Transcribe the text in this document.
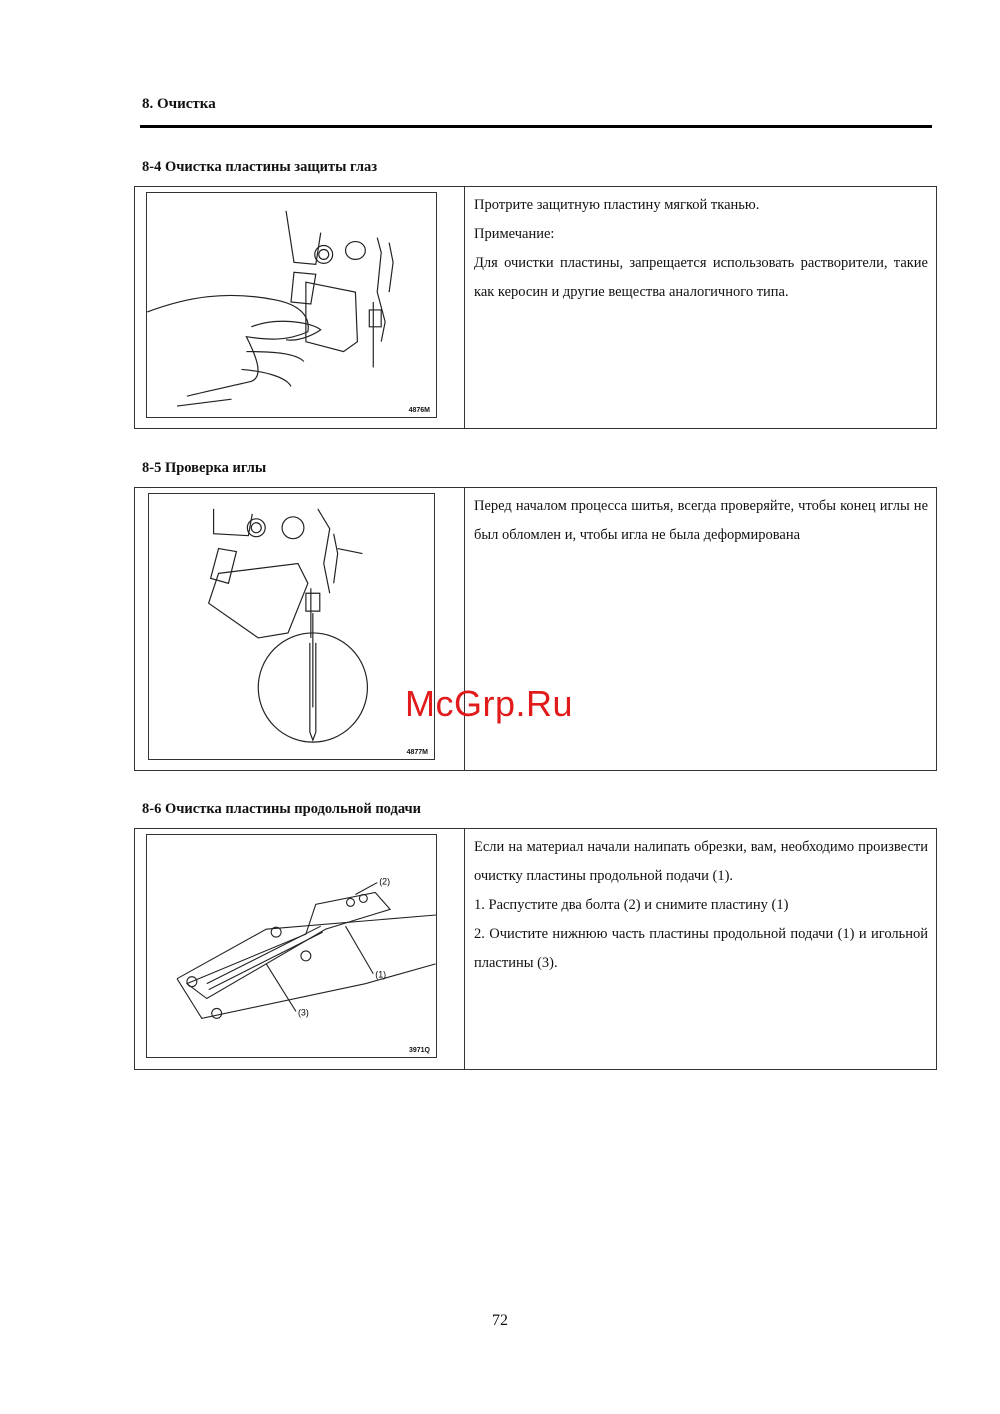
8. Очистка
8-4 Очистка пластины защиты глаз
4876M

Протрите защитную пластину мягкой тканью.

Примечание:

Для очистки пластины, запрещается использовать растворители, такие как керосин и другие вещества аналогичного типа.

8-5 Проверка иглы
4877M

Перед началом процесса шитья, всегда проверяйте, чтобы конец иглы не был обломлен и, чтобы игла не была деформирована

8-6 Очистка пластины продольной подачи
(2)
(1)
(3)
3971Q

Если на материал начали налипать обрезки, вам, необходимо произвести очистку пластины продольной подачи (1).

1. Распустите два болта (2) и снимите пластину (1)

2. Очистите нижнюю часть пластины продольной подачи (1) и игольной пластины (3).

McGrp.Ru
72
